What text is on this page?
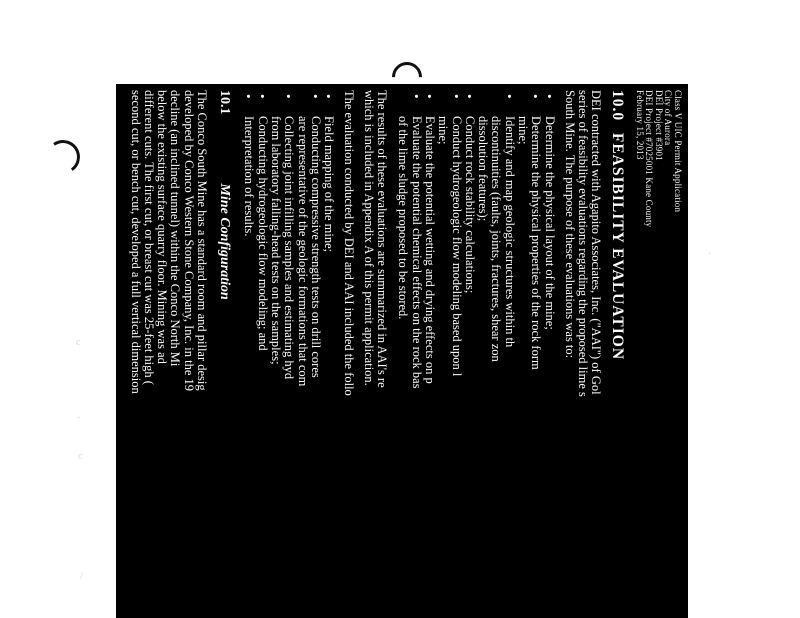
·
c
·
c
/
Class V UIC Permit Application
City of Aurora
DEI Project #3901
DEI Project #7025001 Kane County
February 15, 2013
10.0 FEASIBILITY EVALUATION
DEI contracted with Agapito Associates, Inc. ("AAI") of Gol
series of feasibility evaluations regarding the proposed lime s
South Mine. The purpose of these evaluations was to:
• Determine the physical layout of the mine;
• Determine the physical properties of the rock form
mine;
• Identify and map geologic structures within th
discontinuities (faults, joints, fractures, shear zon
dissolution features);
• Conduct rock stability calculations;
• Conduct hydrogeologic flow modeling based upon l
mine;
• Evaluate the potential wetting and drying effects on p
• Evaluate the potential chemical effects on the rock bas
of the lime sludge proposed to be stored.
The results of these evaluations are summarized in AAI's re
which is included in Appendix A of this permit application.
The evaluation conducted by DEI and AAI included the follo
• Field mapping of the mine;
• Conducting compressive strength tests on drill cores
are representative of the geologic formations that com
• Collecting joint infilling samples and estimating hyd
from laboratory falling-head tests on the samples;
• Conducting hydrogeologic flow modeling; and
• Interpretation of results.
10.1 Mine Configuration
The Conco South Mine has a standard room and pillar desig
developed by Conco Western Stone Company, Inc. in the 19
decline (an inclined tunnel) within the Conco North Mi
below the existing surface quarry floor. Mining was ad
different cuts. The first cut, or breast cut was 25-feet high (
second cut, or bench cut, developed a full vertical dimension
